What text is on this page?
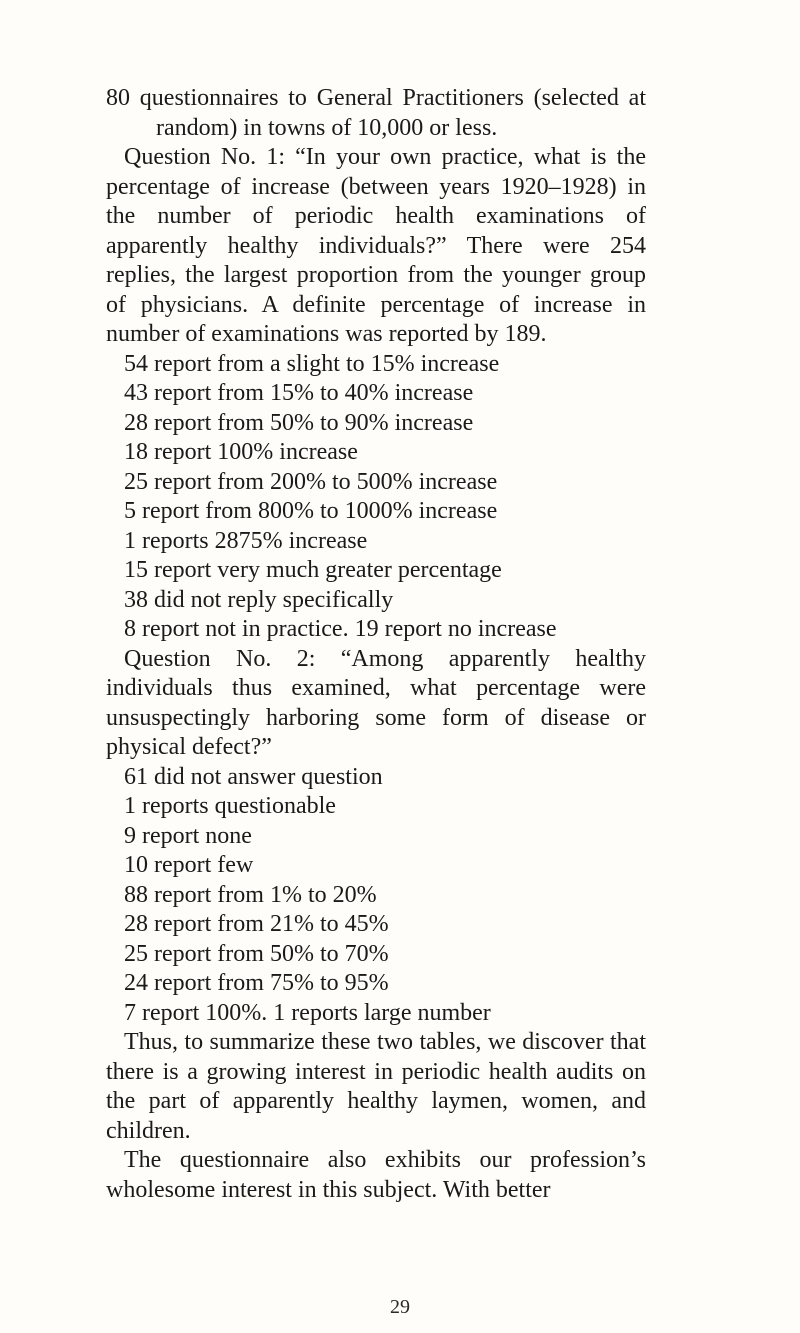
80 questionnaires to General Practitioners (selected at random) in towns of 10,000 or less.

Question No. 1: “In your own practice, what is the percentage of increase (between years 1920–1928) in the number of periodic health examinations of apparently healthy individuals?” There were 254 replies, the largest proportion from the younger group of physicians. A definite percentage of increase in number of examinations was reported by 189.

54 report from a slight to 15% increase
43 report from 15% to 40% increase
28 report from 50% to 90% increase
18 report 100% increase
25 report from 200% to 500% increase
5 report from 800% to 1000% increase
1 reports 2875% increase
15 report very much greater percentage
38 did not reply specifically
8 report not in practice. 19 report no increase

Question No. 2: “Among apparently healthy individuals thus examined, what percentage were unsuspectingly harboring some form of disease or physical defect?”

61 did not answer question
1 reports questionable
9 report none
10 report few
88 report from 1% to 20%
28 report from 21% to 45%
25 report from 50% to 70%
24 report from 75% to 95%
7 report 100%. 1 reports large number

Thus, to summarize these two tables, we discover that there is a growing interest in periodic health audits on the part of apparently healthy laymen, women, and children.

The questionnaire also exhibits our profession’s wholesome interest in this subject. With better

29
